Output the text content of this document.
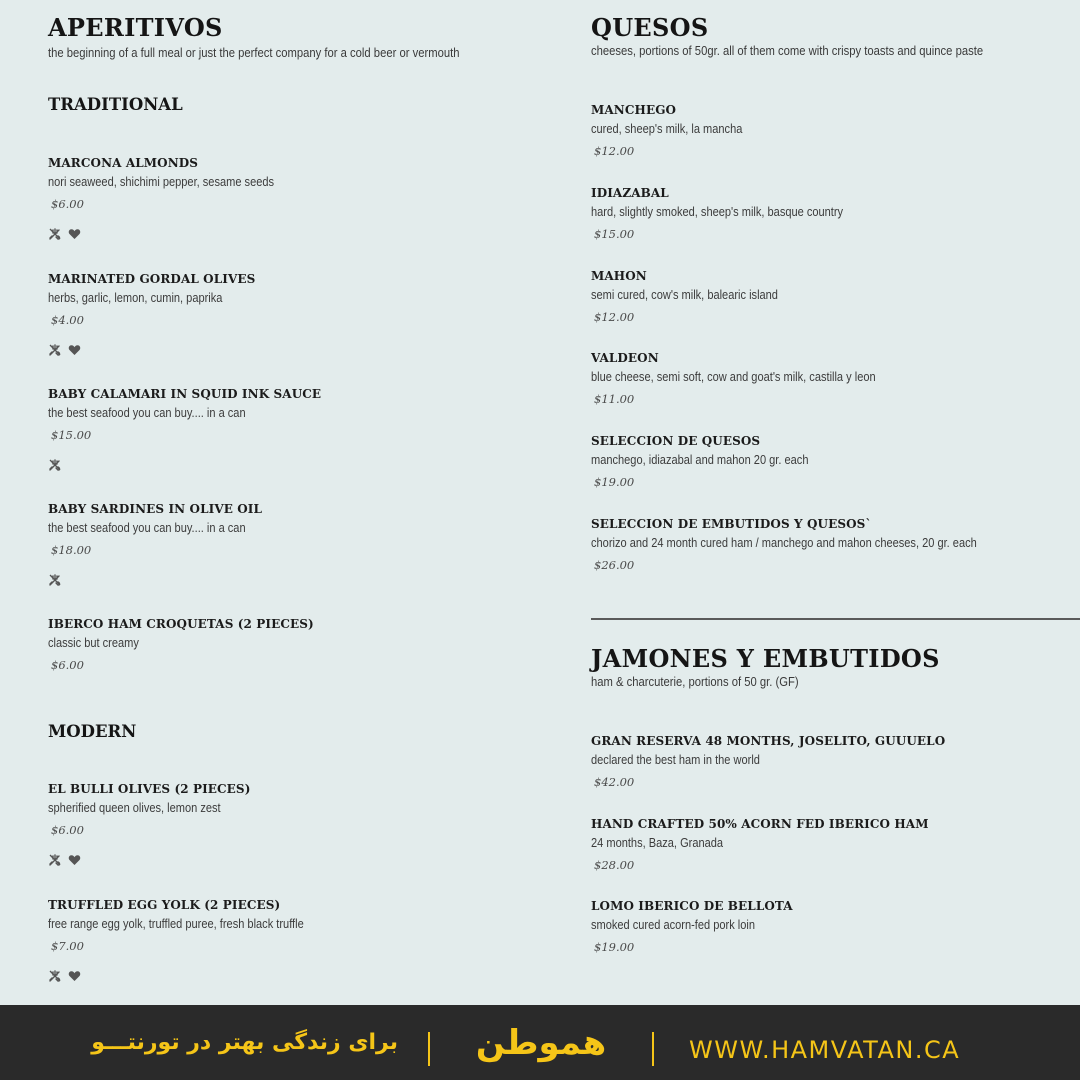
APERITIVOS
the beginning of a full meal or just the perfect company for a cold beer or vermouth
TRADITIONAL
MARCONA ALMONDS
nori seaweed, shichimi pepper, sesame seeds
$6.00
MARINATED GORDAL OLIVES
herbs, garlic, lemon, cumin, paprika
$4.00
BABY CALAMARI IN SQUID INK SAUCE
the best seafood you can buy.... in a can
$15.00
BABY SARDINES IN OLIVE OIL
the best seafood you can buy.... in a can
$18.00
IBERCO HAM CROQUETAS (2 PIECES)
classic but creamy
$6.00
MODERN
EL BULLI OLIVES (2 PIECES)
spherified queen olives, lemon zest
$6.00
TRUFFLED EGG YOLK (2 PIECES)
free range egg yolk, truffled puree, fresh black truffle
$7.00
QUESOS
cheeses, portions of 50gr. all of them come with crispy toasts and quince paste
MANCHEGO
cured, sheep's milk, la mancha
$12.00
IDIAZABAL
hard, slightly smoked, sheep's milk, basque country
$15.00
MAHON
semi cured, cow's milk, balearic island
$12.00
VALDEON
blue cheese, semi soft, cow and goat's milk, castilla y leon
$11.00
SELECCION DE QUESOS
manchego, idiazabal and mahon 20 gr. each
$19.00
SELECCION DE EMBUTIDOS Y QUESOS`
chorizo and 24 month cured ham / manchego and mahon cheeses, 20 gr. each
$26.00
JAMONES Y EMBUTIDOS
ham & charcuterie, portions of 50 gr. (GF)
GRAN RESERVA 48 MONTHS, JOSELITO, GUUUELO
declared the best ham in the world
$42.00
HAND CRAFTED 50% ACORN FED IBERICO HAM
24 months, Baza, Granada
$28.00
LOMO IBERICO DE BELLOTA
smoked cured acorn-fed pork loin
$19.00
برای زندگی بهتر در تورنتـــو	هموطن	WWW.HAMVATAN.CA
